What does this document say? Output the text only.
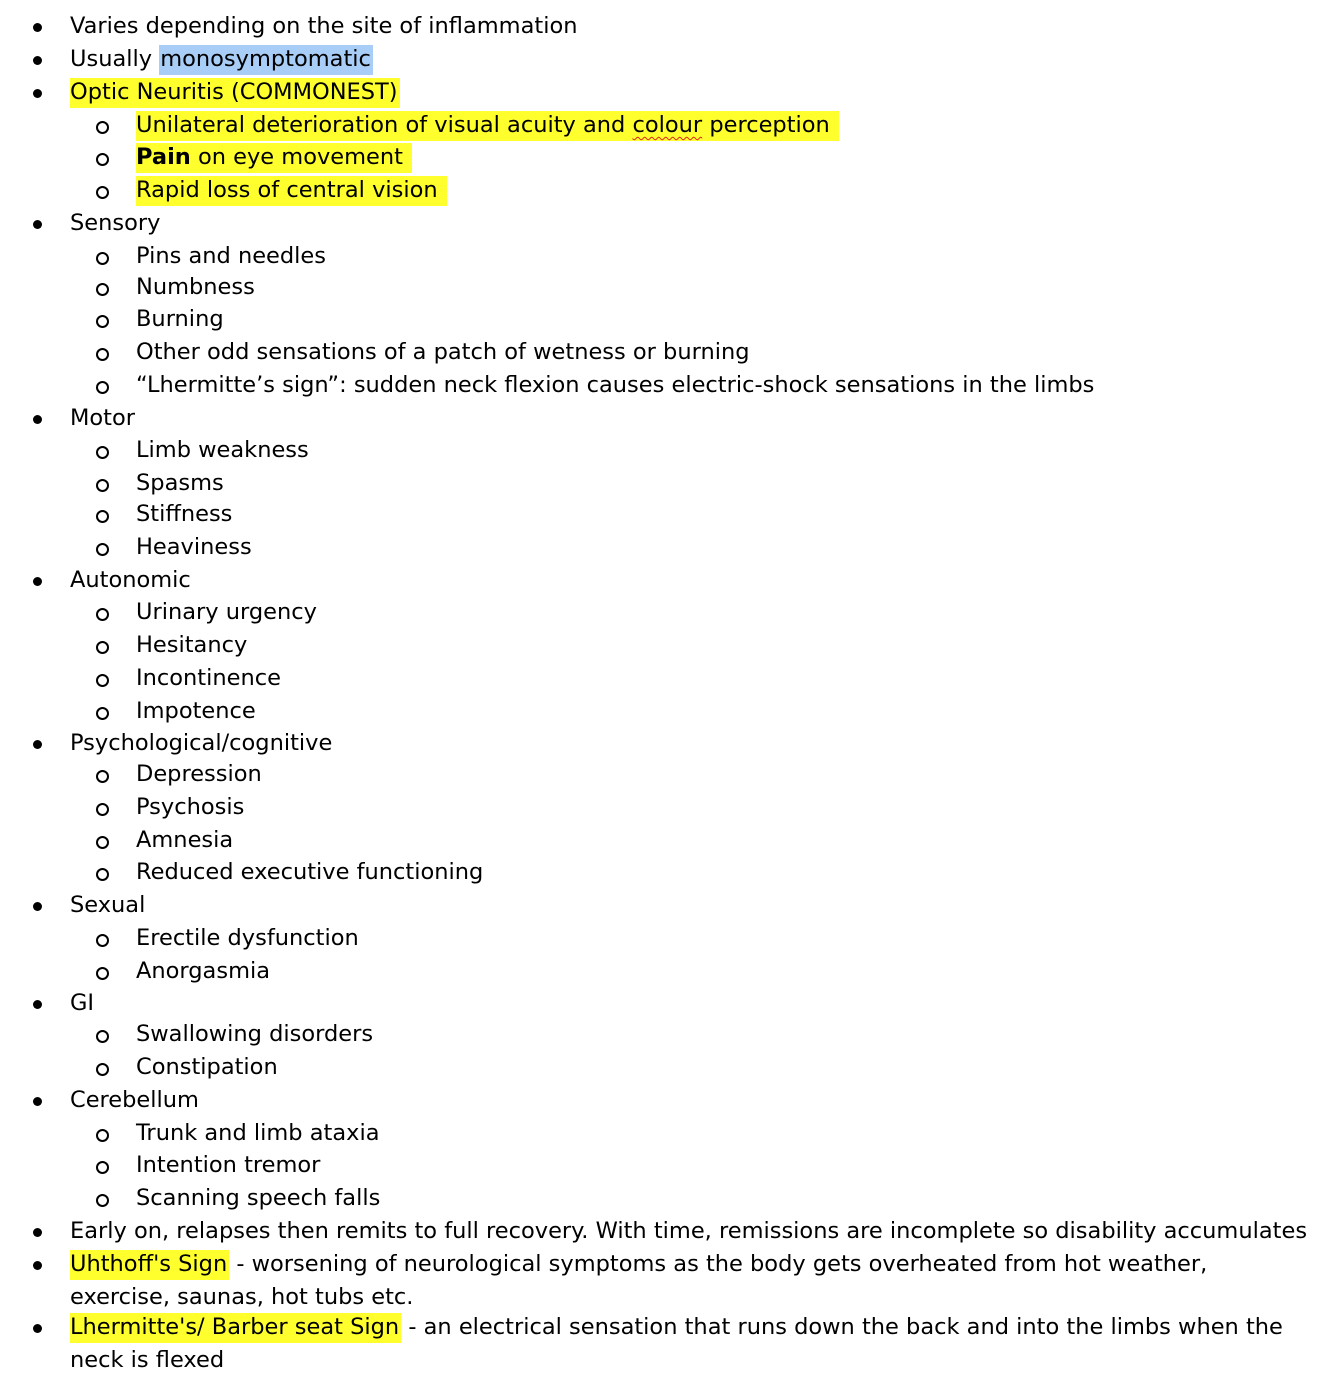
Varies depending on the site of inflammation
Usually monosymptomatic
Optic Neuritis (COMMONEST)
Unilateral deterioration of visual acuity and colour perception
Pain on eye movement
Rapid loss of central vision
Sensory
Pins and needles
Numbness
Burning
Other odd sensations of a patch of wetness or burning
“Lhermitte’s sign”: sudden neck flexion causes electric-shock sensations in the limbs
Motor
Limb weakness
Spasms
Stiffness
Heaviness
Autonomic
Urinary urgency
Hesitancy
Incontinence
Impotence
Psychological/cognitive
Depression
Psychosis
Amnesia
Reduced executive functioning
Sexual
Erectile dysfunction
Anorgasmia
GI
Swallowing disorders
Constipation
Cerebellum
Trunk and limb ataxia
Intention tremor
Scanning speech falls
Early on, relapses then remits to full recovery. With time, remissions are incomplete so disability accumulates
Uhthoff's Sign - worsening of neurological symptoms as the body gets overheated from hot weather, exercise, saunas, hot tubs etc.
Lhermitte's/ Barber seat Sign - an electrical sensation that runs down the back and into the limbs when the neck is flexed
